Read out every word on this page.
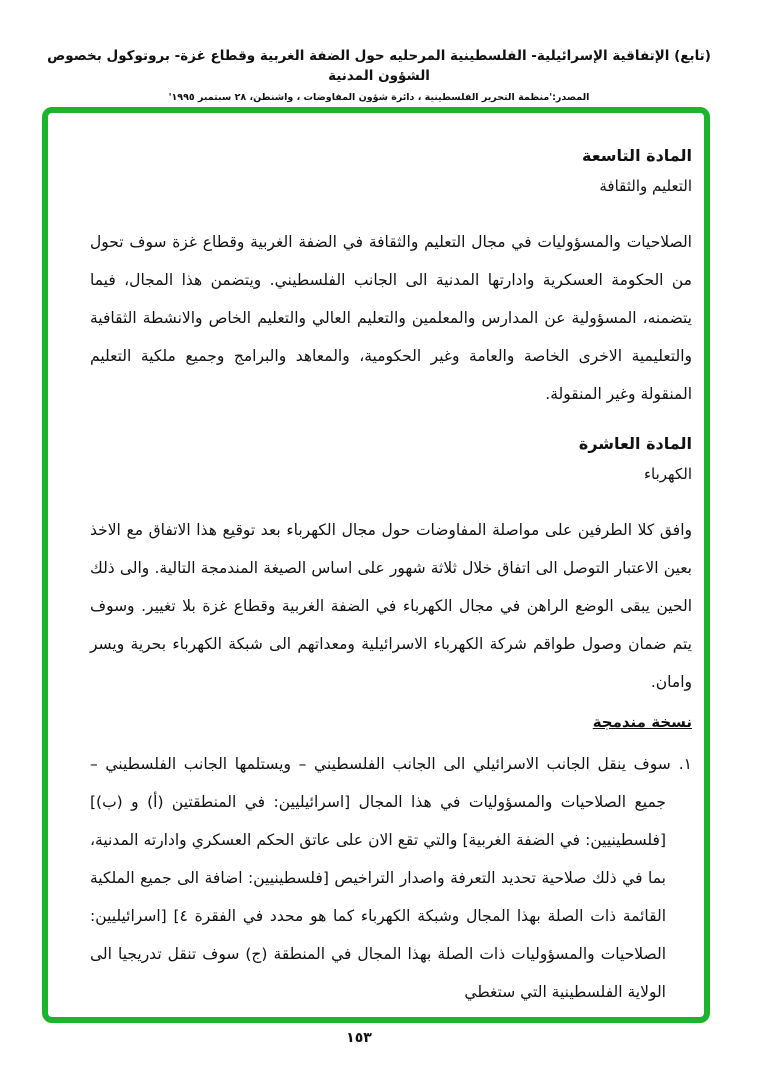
(تابع) الإتفاقية الإسرائيلية- الفلسطينية المرحليه حول الضفة الغربية وقطاع غزة- بروتوكول بخصوص الشؤون المدنية
المصدر:'منظمة التحرير الفلسطينية ، دائرة شؤون المفاوضات ، واشنطن، ٢٨ سبتمبر ١٩٩٥'
المادة التاسعة
التعليم والثقافة

الصلاحيات والمسؤوليات في مجال التعليم والثقافة في الضفة الغربية وقطاع غزة سوف تحول من الحكومة العسكرية وادارتها المدنية الى الجانب الفلسطيني. ويتضمن هذا المجال، فيما يتضمنه، المسؤولية عن المدارس والمعلمين والتعليم العالي والتعليم الخاص والانشطة الثقافية والتعليمية الاخرى الخاصة والعامة وغير الحكومية، والمعاهد والبرامج وجميع ملكية التعليم المنقولة وغير المنقولة.

المادة العاشرة
الكهرباء

وافق كلا الطرفين على مواصلة المفاوضات حول مجال الكهرباء بعد توقيع هذا الاتفاق مع الاخذ بعين الاعتبار التوصل الى اتفاق خلال ثلاثة شهور على اساس الصيغة المندمجة التالية. والى ذلك الحين يبقى الوضع الراهن في مجال الكهرباء في الضفة الغربية وقطاع غزة بلا تغيير. وسوف يتم ضمان وصول طواقم شركة الكهرباء الاسرائيلية ومعداتهم الى شبكة الكهرباء بحرية ويسر وامان.

نسخة مندمجة
١.سوف ينقل الجانب الاسرائيلي الى الجانب الفلسطيني – ويستلمها الجانب الفلسطيني – جميع الصلاحيات والمسؤوليات في هذا المجال [اسرائيليين: في المنطقتين (أ) و (ب)] [فلسطينيين: في الضفة الغربية] والتي تقع الان على عاتق الحكم العسكري وادارته المدنية، بما في ذلك صلاحية تحديد التعرفة واصدار التراخيص [فلسطينيين: اضافة الى جميع الملكية القائمة ذات الصلة بهذا المجال وشبكة الكهرباء كما هو محدد في الفقرة ٤] [اسرائيليين: الصلاحيات والمسؤوليات ذات الصلة بهذا المجال في المنطقة (ج) سوف تنقل تدريجيا الى الولاية الفلسطينية التي ستغطي
١٥٣
